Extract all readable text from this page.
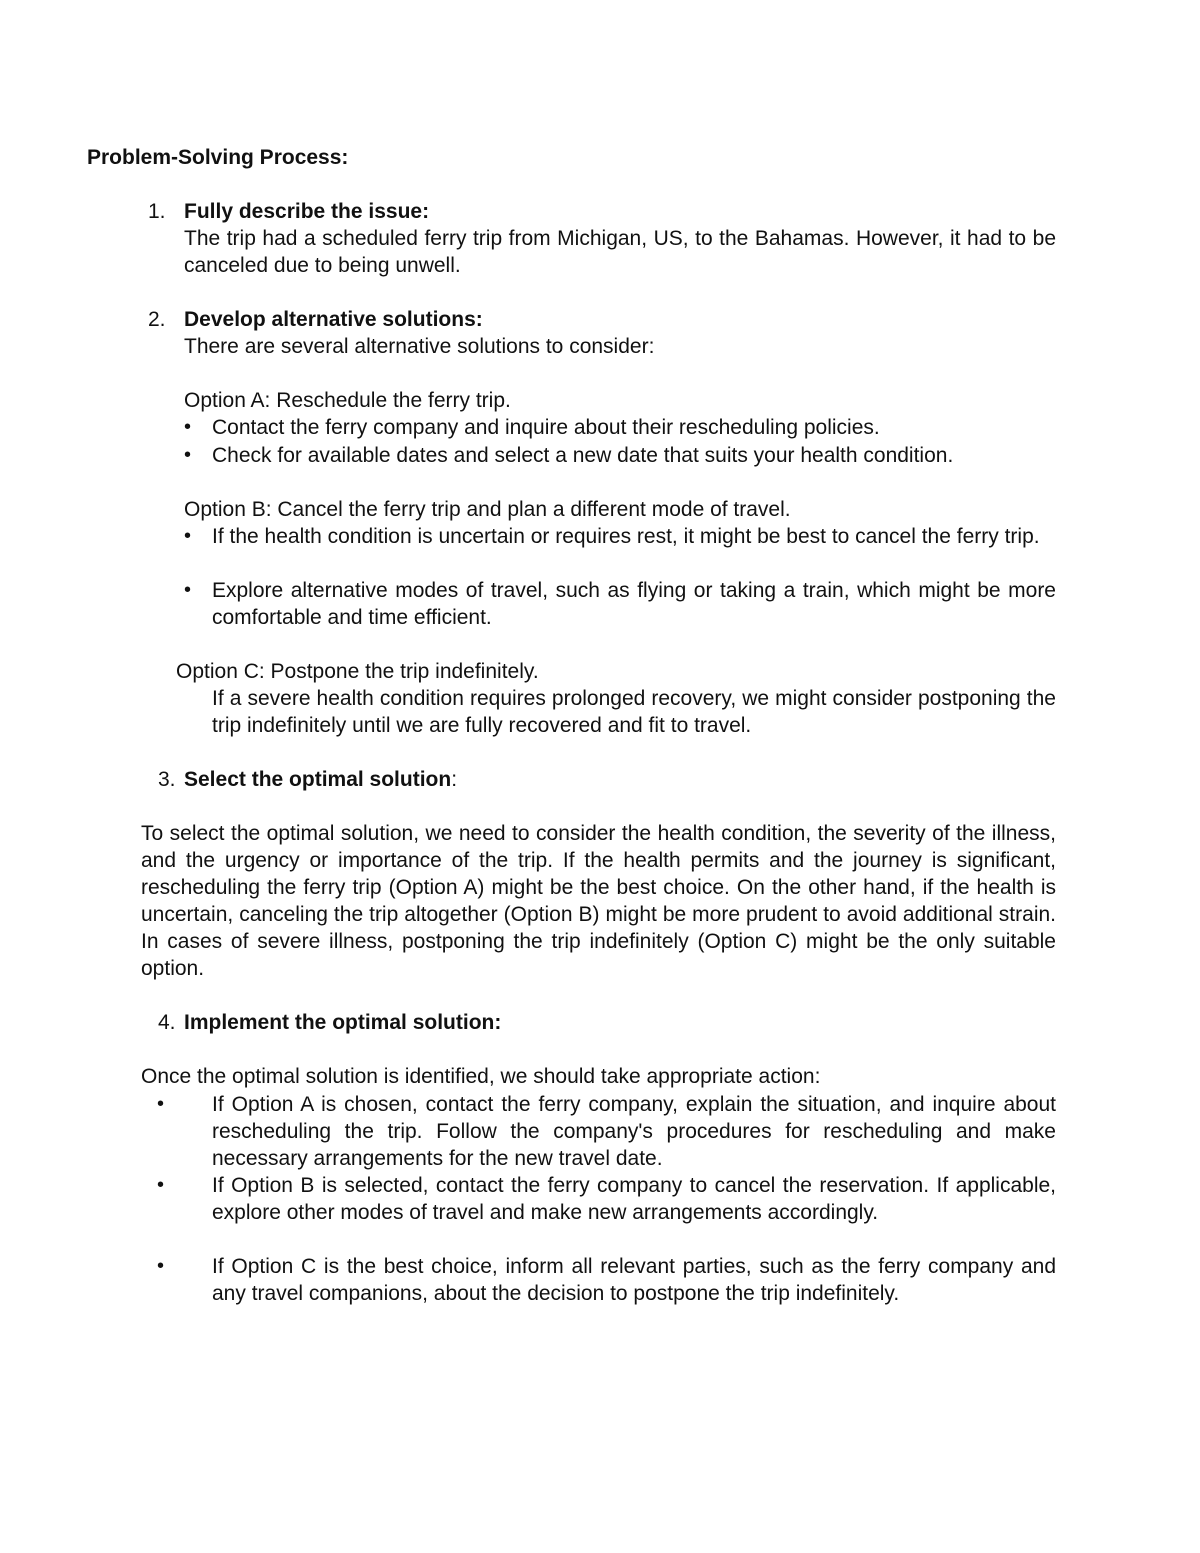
Problem-Solving Process:
1. Fully describe the issue:
The trip had a scheduled ferry trip from Michigan, US, to the Bahamas. However, it had to be canceled due to being unwell.
2. Develop alternative solutions:
There are several alternative solutions to consider:
Option A: Reschedule the ferry trip.
• Contact the ferry company and inquire about their rescheduling policies.
• Check for available dates and select a new date that suits your health condition.
Option B: Cancel the ferry trip and plan a different mode of travel.
• If the health condition is uncertain or requires rest, it might be best to cancel the ferry trip.
• Explore alternative modes of travel, such as flying or taking a train, which might be more comfortable and time efficient.
Option C: Postpone the trip indefinitely.
If a severe health condition requires prolonged recovery, we might consider postponing the trip indefinitely until we are fully recovered and fit to travel.
3. Select the optimal solution:
To select the optimal solution, we need to consider the health condition, the severity of the illness, and the urgency or importance of the trip. If the health permits and the journey is significant, rescheduling the ferry trip (Option A) might be the best choice. On the other hand, if the health is uncertain, canceling the trip altogether (Option B) might be more prudent to avoid additional strain. In cases of severe illness, postponing the trip indefinitely (Option C) might be the only suitable option.
4. Implement the optimal solution:
Once the optimal solution is identified, we should take appropriate action:
• If Option A is chosen, contact the ferry company, explain the situation, and inquire about rescheduling the trip. Follow the company's procedures for rescheduling and make necessary arrangements for the new travel date.
• If Option B is selected, contact the ferry company to cancel the reservation. If applicable, explore other modes of travel and make new arrangements accordingly.
• If Option C is the best choice, inform all relevant parties, such as the ferry company and any travel companions, about the decision to postpone the trip indefinitely.
